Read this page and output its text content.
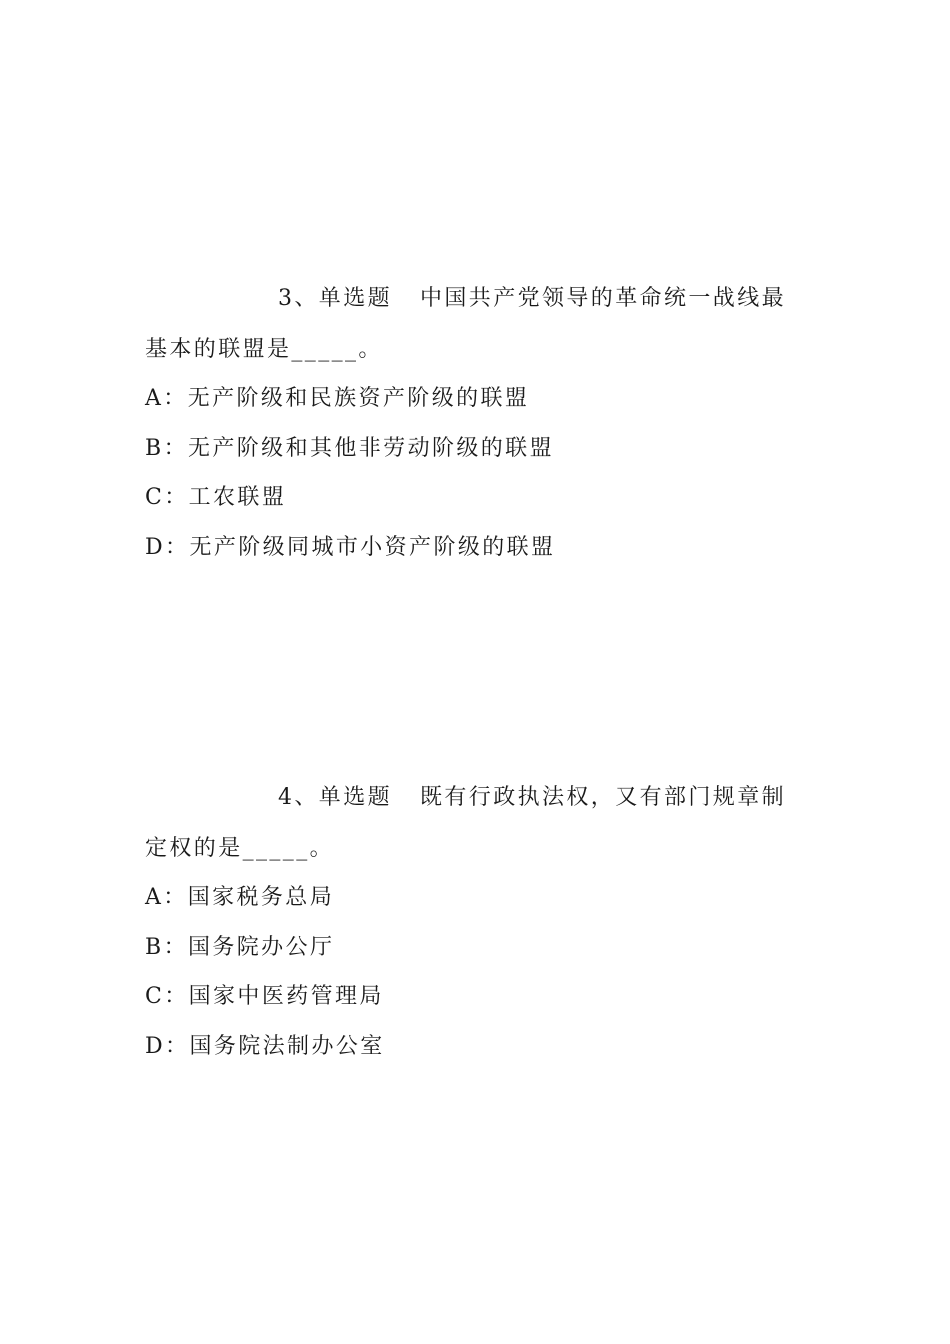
3、单选题 中国共产党领导的革命统一战线最
基本的联盟是_____。
A：无产阶级和民族资产阶级的联盟
B：无产阶级和其他非劳动阶级的联盟
C：工农联盟
D：无产阶级同城市小资产阶级的联盟
4、单选题 既有行政执法权，又有部门规章制
定权的是_____。
A：国家税务总局
B：国务院办公厅
C：国家中医药管理局
D：国务院法制办公室
